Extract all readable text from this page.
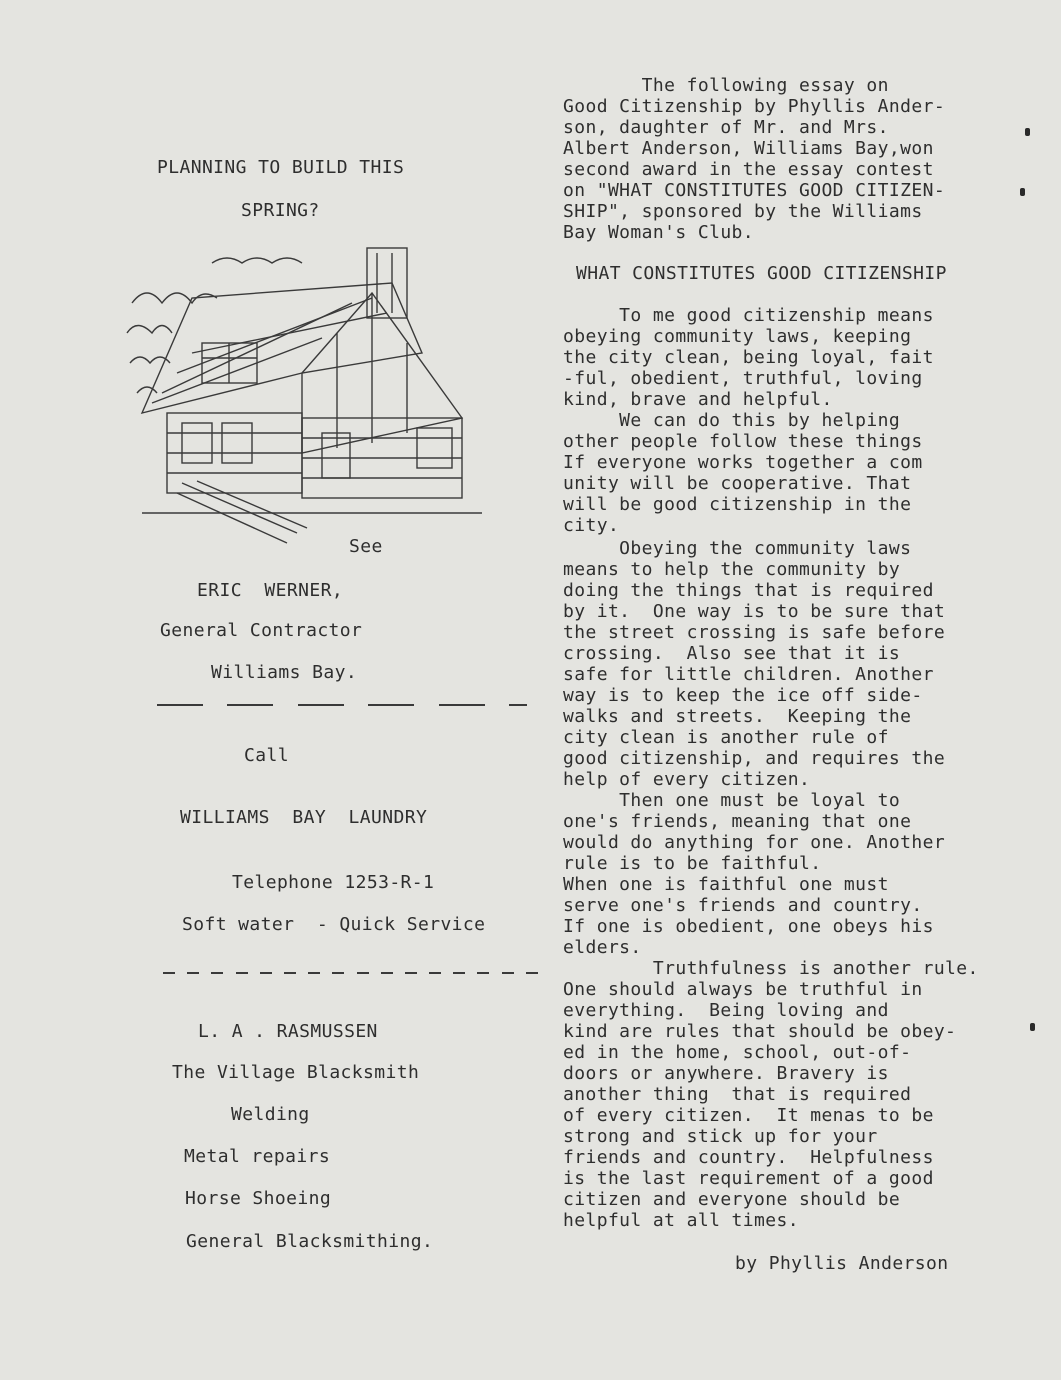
PLANNING TO BUILD THIS
SPRING?
See
ERIC  WERNER,
General Contractor
Williams Bay.
Call
WILLIAMS  BAY  LAUNDRY
Telephone 1253-R-1
Soft water  - Quick Service
L. A . RASMUSSEN
The Village Blacksmith
Welding
Metal repairs
Horse Shoeing
General Blacksmithing.
The following essay on
Good Citizenship by Phyllis Ander-
son, daughter of Mr. and Mrs.
Albert Anderson, Williams Bay,won
second award in the essay contest
on "WHAT CONSTITUTES GOOD CITIZEN-
SHIP", sponsored by the Williams
Bay Woman's Club.
WHAT CONSTITUTES GOOD CITIZENSHIP
To me good citizenship means
obeying community laws, keeping
the city clean, being loyal, fait
-ful, obedient, truthful, loving
kind, brave and helpful.
We can do this by helping
other people follow these things
If everyone works together a com
unity will be cooperative. That
will be good citizenship in the
city.
Obeying the community laws
means to help the community by
doing the things that is required
by it.  One way is to be sure that
the street crossing is safe before
crossing.  Also see that it is
safe for little children. Another
way is to keep the ice off side-
walks and streets.  Keeping the
city clean is another rule of
good citizenship, and requires the
help of every citizen.
Then one must be loyal to
one's friends, meaning that one
would do anything for one. Another
rule is to be faithful.
When one is faithful one must
serve one's friends and country.
If one is obedient, one obeys his
elders.
Truthfulness is another rule.
One should always be truthful in
everything.  Being loving and
kind are rules that should be obey-
ed in the home, school, out-of-
doors or anywhere. Bravery is
another thing  that is required
of every citizen.  It menas to be
strong and stick up for your
friends and country.  Helpfulness
is the last requirement of a good
citizen and everyone should be
helpful at all times.
by Phyllis Anderson
